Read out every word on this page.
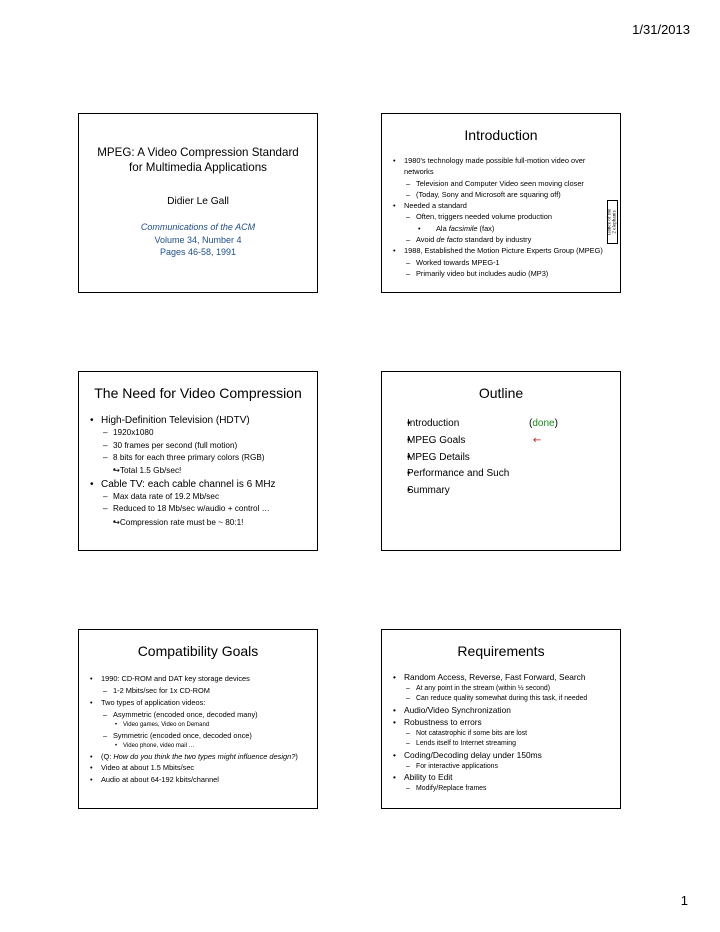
1/31/2013
MPEG: A Video Compression Standard
for Multimedia Applications
Didier Le Gall
Communications of the ACM
Volume 34, Number 4
Pages 46-58, 1991
Introduction
• 1980's technology made possible full-motion video over
networks
– Television and Computer Video seen moving closer
– (Today, Sony and Microsoft are squaring off)
• Needed a standard
– Often, triggers needed volume production
• Ala facsimile (fax)
– Avoid de facto standard by industry
• 1988, Established the Motion Picture Experts Group (MPEG)
– Worked towards MPEG-1
– Primarily video but includes audio (MP3)
Dance of the 2 elephants
The Need for Video Compression
• High-Definition Television (HDTV)
– 1920x1080
– 30 frames per second (full motion)
– 8 bits for each three primary colors (RGB)
• →Total 1.5 Gb/sec!
• Cable TV: each cable channel is 6 MHz
– Max data rate of 19.2 Mb/sec
– Reduced to 18 Mb/sec w/audio + control …
• →Compression rate must be ~ 80:1!
Outline
• Introduction	(done)
• MPEG Goals	←
• MPEG Details
• Performance and Such
• Summary
Compatibility Goals
• 1990: CD-ROM and DAT key storage devices
– 1-2 Mbits/sec for 1x CD-ROM
• Two types of application videos:
– Asymmetric (encoded once, decoded many)
• Video games, Video on Demand
– Symmetric (encoded once, decoded once)
• Video phone, video mail …
• (Q: How do you think the two types might influence design?)
• Video at about 1.5 Mbits/sec
• Audio at about 64-192 kbits/channel
Requirements
• Random Access, Reverse, Fast Forward, Search
– At any point in the stream (within ½ second)
– Can reduce quality somewhat during this task, if needed
• Audio/Video Synchronization
• Robustness to errors
– Not catastrophic if some bits are lost
– Lends itself to Internet streaming
• Coding/Decoding delay under 150ms
– For interactive applications
• Ability to Edit
– Modify/Replace frames
1
